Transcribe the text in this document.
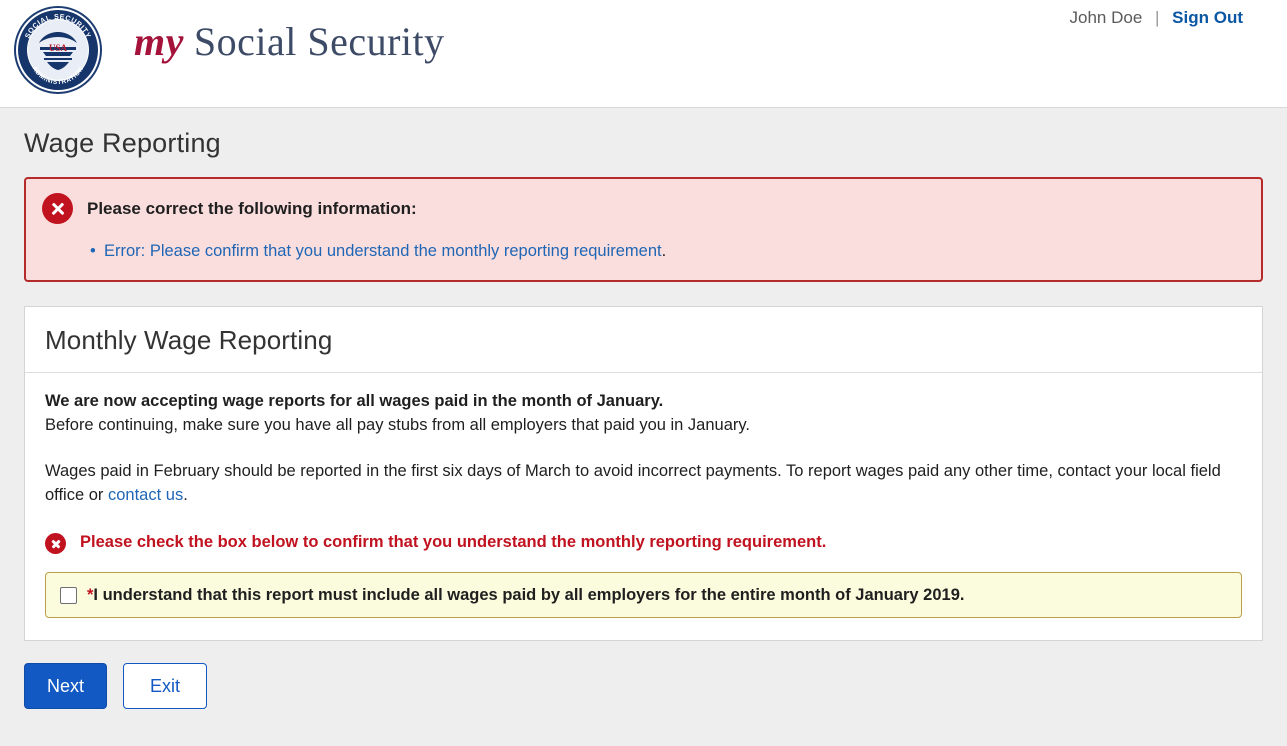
USA
SOCIAL SECURITY
ADMINISTRATION
my Social Security
John Doe | Sign Out
Wage Reporting
Please correct the following information:
• Error: Please confirm that you understand the monthly reporting requirement.
Monthly Wage Reporting

We are now accepting wage reports for all wages paid in the month of January.

Before continuing, make sure you have all pay stubs from all employers that paid you in January.

Wages paid in February should be reported in the first six days of March to avoid incorrect payments. To report wages paid any other time, contact your local field office or contact us.

Please check the box below to confirm that you understand the monthly reporting requirement.
*I understand that this report must include all wages paid by all employers for the entire month of January 2019.
Next	Exit
